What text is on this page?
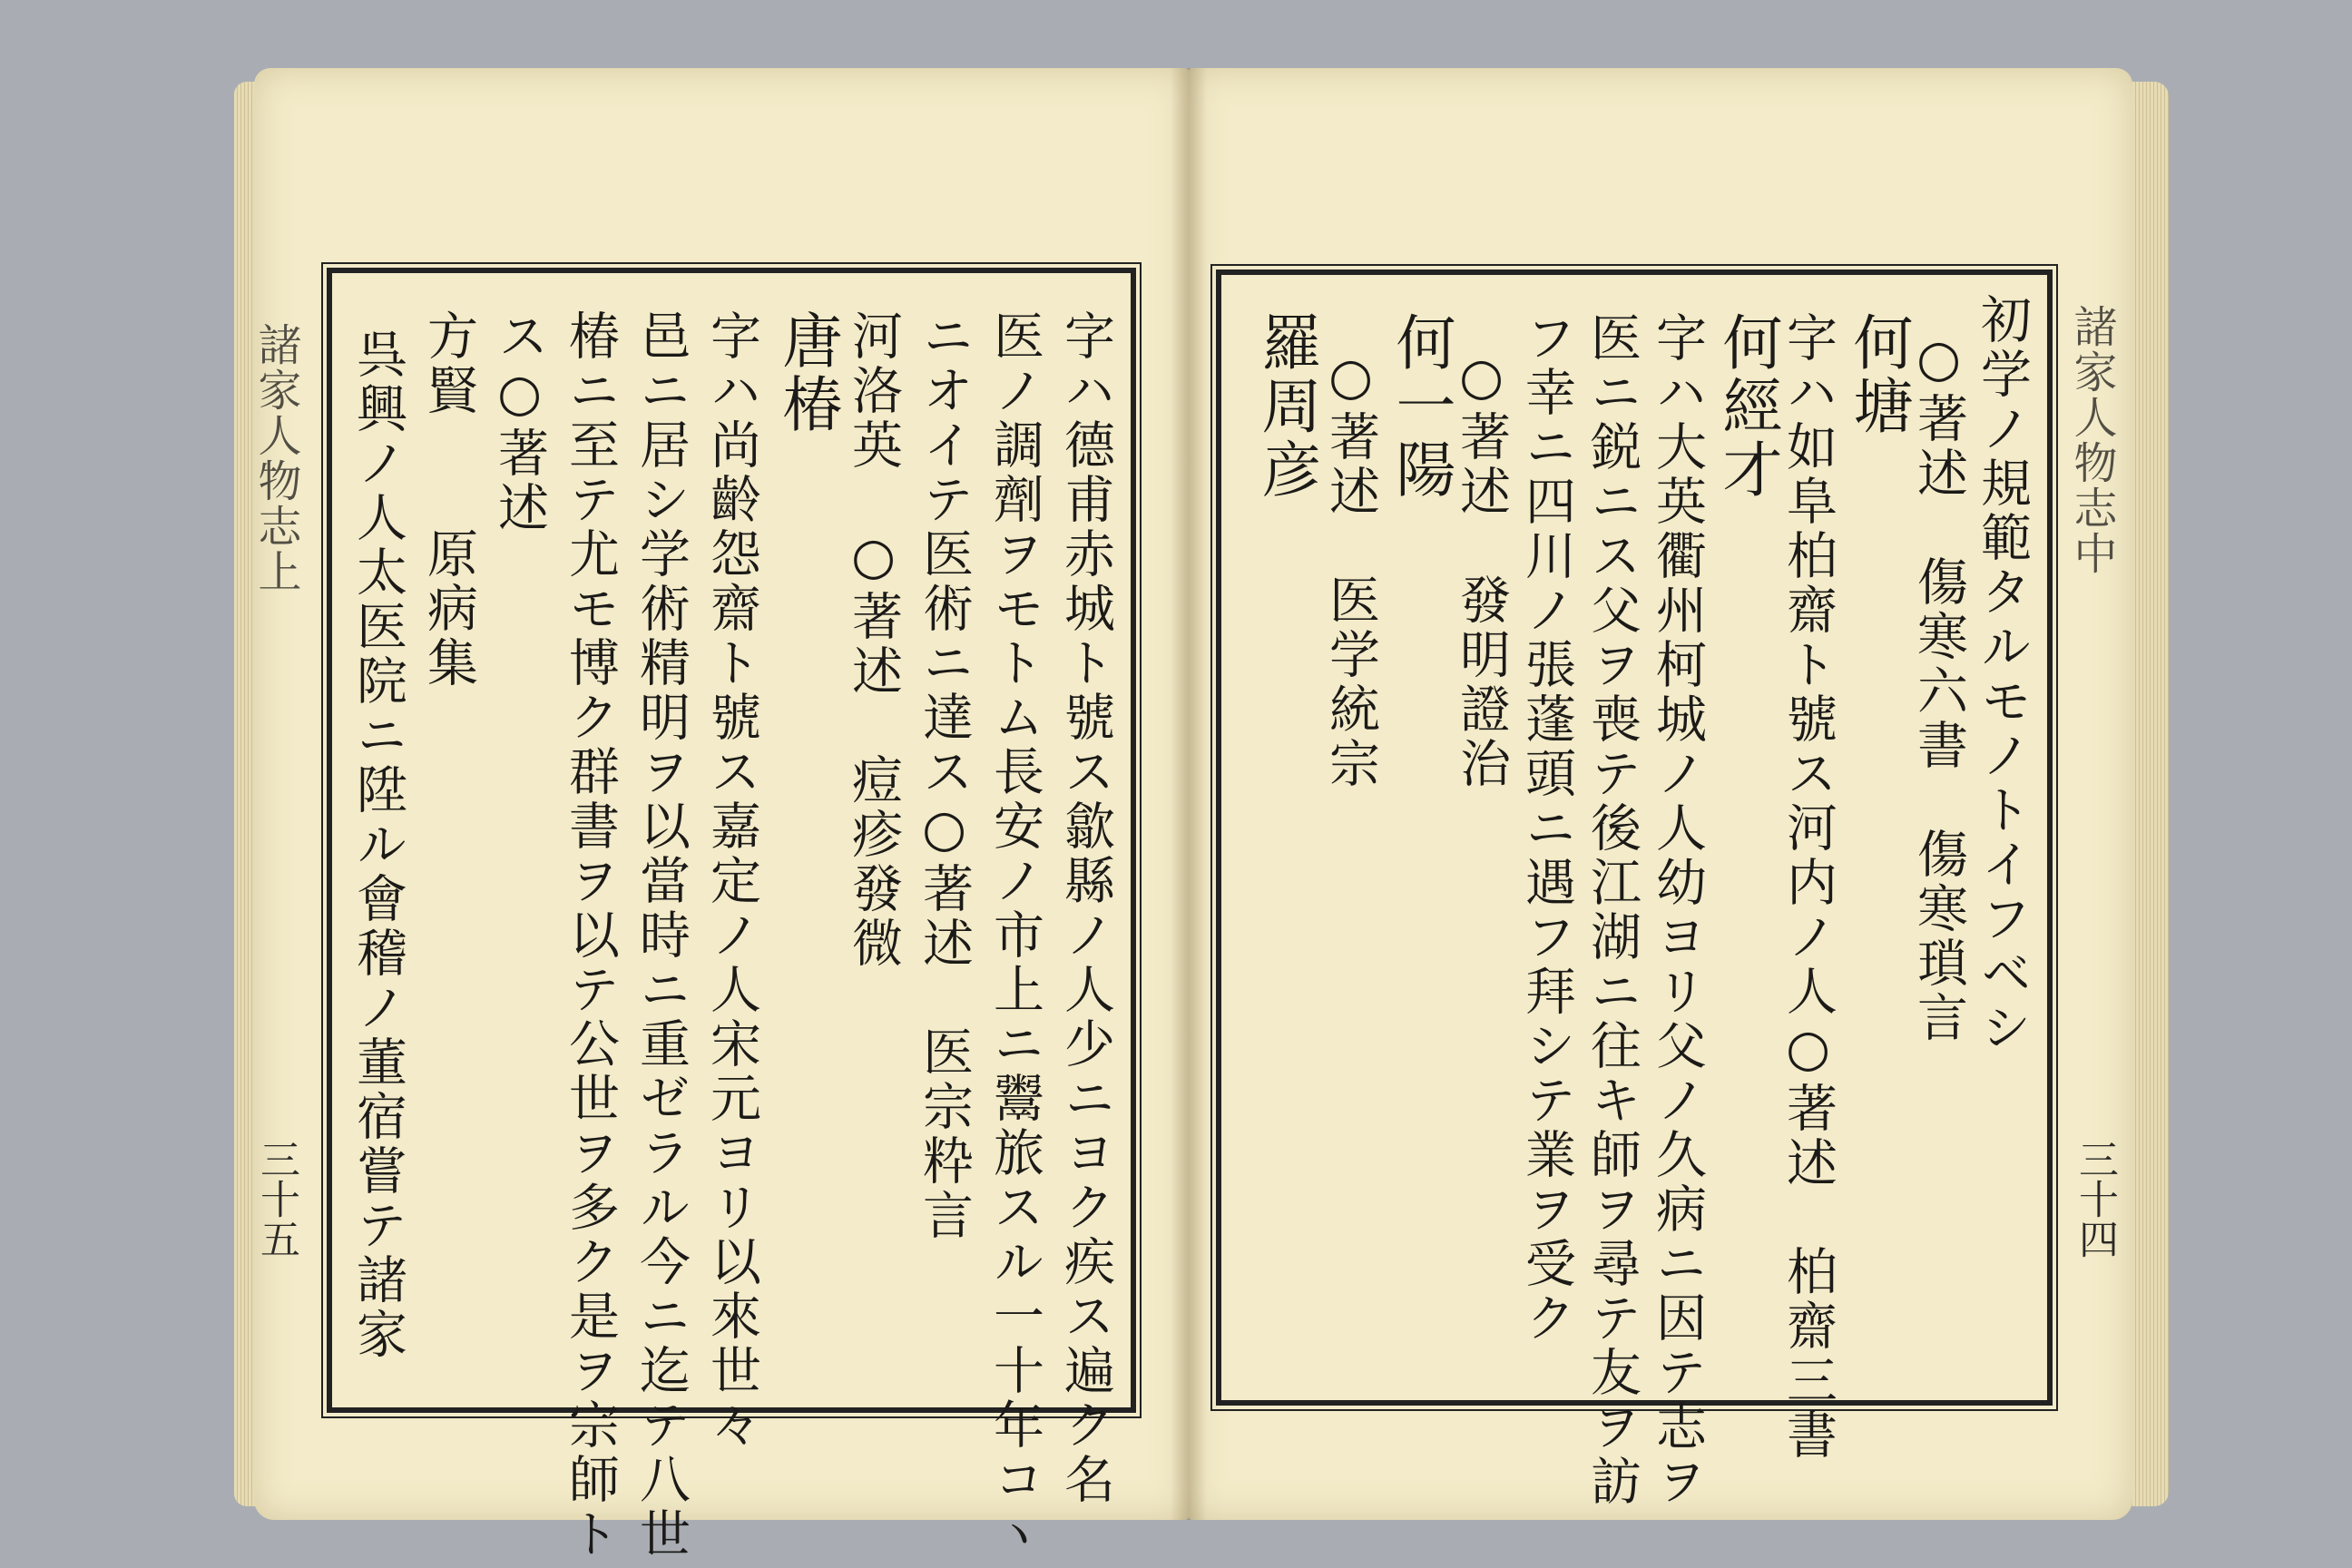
諸家人物志上
三十五
諸家人物志中
三十四
呉興ノ人太医院ニ陞ル會稽ノ董宿嘗テ諸家 方賢　　原病集 ス○著述 椿ニ至テ尤モ博ク群書ヲ以テ公世ヲ多ク是ヲ宗師ト 邑ニ居シ学術精明ヲ以當時ニ重ゼラル今ニ迄テ八世 字ハ尚齡怨齋ト號ス嘉定ノ人宋元ヨリ以來世々 唐椿 河洛英　○著述　痘疹發微 ニオイテ医術ニ達ス○著述　医宗粋言 医ノ調劑ヲモトム長安ノ市上ニ鬻旅スル一十年コヽ 字ハ德甫赤城ト號ス歙縣ノ人少ニヨク疾ス遍ク名	初学ノ規範タルモノトイフベシ
○著述　傷寒六書　傷寒瑣言
何塘
字ハ如阜柏齋ト號ス河内ノ人○著述　柏齋三書
何經才
字ハ大英衢州柯城ノ人幼ヨリ父ノ久病ニ因テ志ヲ
医ニ鋭ニス父ヲ喪テ後江湖ニ往キ師ヲ尋テ友ヲ訪
フ幸ニ四川ノ張蓬頭ニ遇フ拜シテ業ヲ受ク
○著述　發明證治
何一陽
○著述　医学統宗
羅周彦
